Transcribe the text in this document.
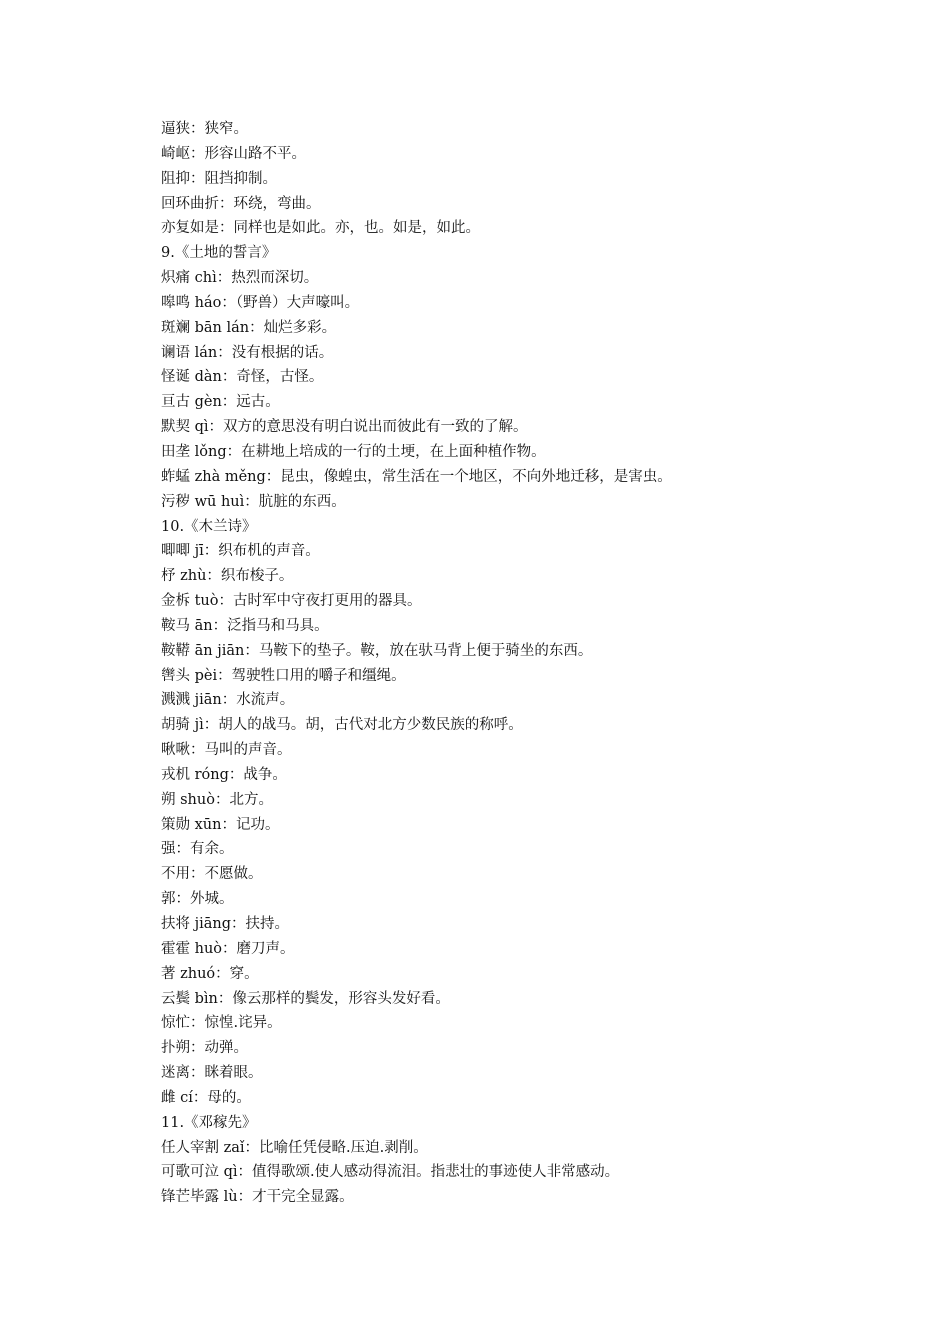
逼狭：狭窄。
崎岖：形容山路不平。
阻抑：阻挡抑制。
回环曲折：环绕，弯曲。
亦复如是：同样也是如此。亦，也。如是，如此。
9.《土地的誓言》
炽痛 chì：热烈而深切。
嗥鸣 háo：（野兽）大声嚎叫。
斑斓 bān lán：灿烂多彩。
谰语 lán：没有根据的话。
怪诞 dàn：奇怪，古怪。
亘古 gèn：远古。
默契 qì：双方的意思没有明白说出而彼此有一致的了解。
田垄 lǒng：在耕地上培成的一行的土埂，在上面种植作物。
蚱蜢 zhà měng：昆虫，像蝗虫，常生活在一个地区，不向外地迁移，是害虫。
污秽 wū huì：肮脏的东西。
10.《木兰诗》
唧唧 jī：织布机的声音。
杼 zhù：织布梭子。
金柝 tuò：古时军中守夜打更用的器具。
鞍马 ān：泛指马和马具。
鞍鞯 ān jiān：马鞍下的垫子。鞍，放在驮马背上便于骑坐的东西。
辔头 pèi：驾驶牲口用的嚼子和缰绳。
溅溅 jiān：水流声。
胡骑 jì：胡人的战马。胡，古代对北方少数民族的称呼。
啾啾：马叫的声音。
戎机 róng：战争。
朔 shuò：北方。
策勋 xūn：记功。
强：有余。
不用：不愿做。
郭：外城。
扶将 jiāng：扶持。
霍霍 huò：磨刀声。
著 zhuó：穿。
云鬓 bìn：像云那样的鬓发，形容头发好看。
惊忙：惊惶.诧异。
扑朔：动弹。
迷离：眯着眼。
雌 cí：母的。
11.《邓稼先》
任人宰割 zaǐ：比喻任凭侵略.压迫.剥削。
可歌可泣 qì：值得歌颂.使人感动得流泪。指悲壮的事迹使人非常感动。
锋芒毕露 lù：才干完全显露。
